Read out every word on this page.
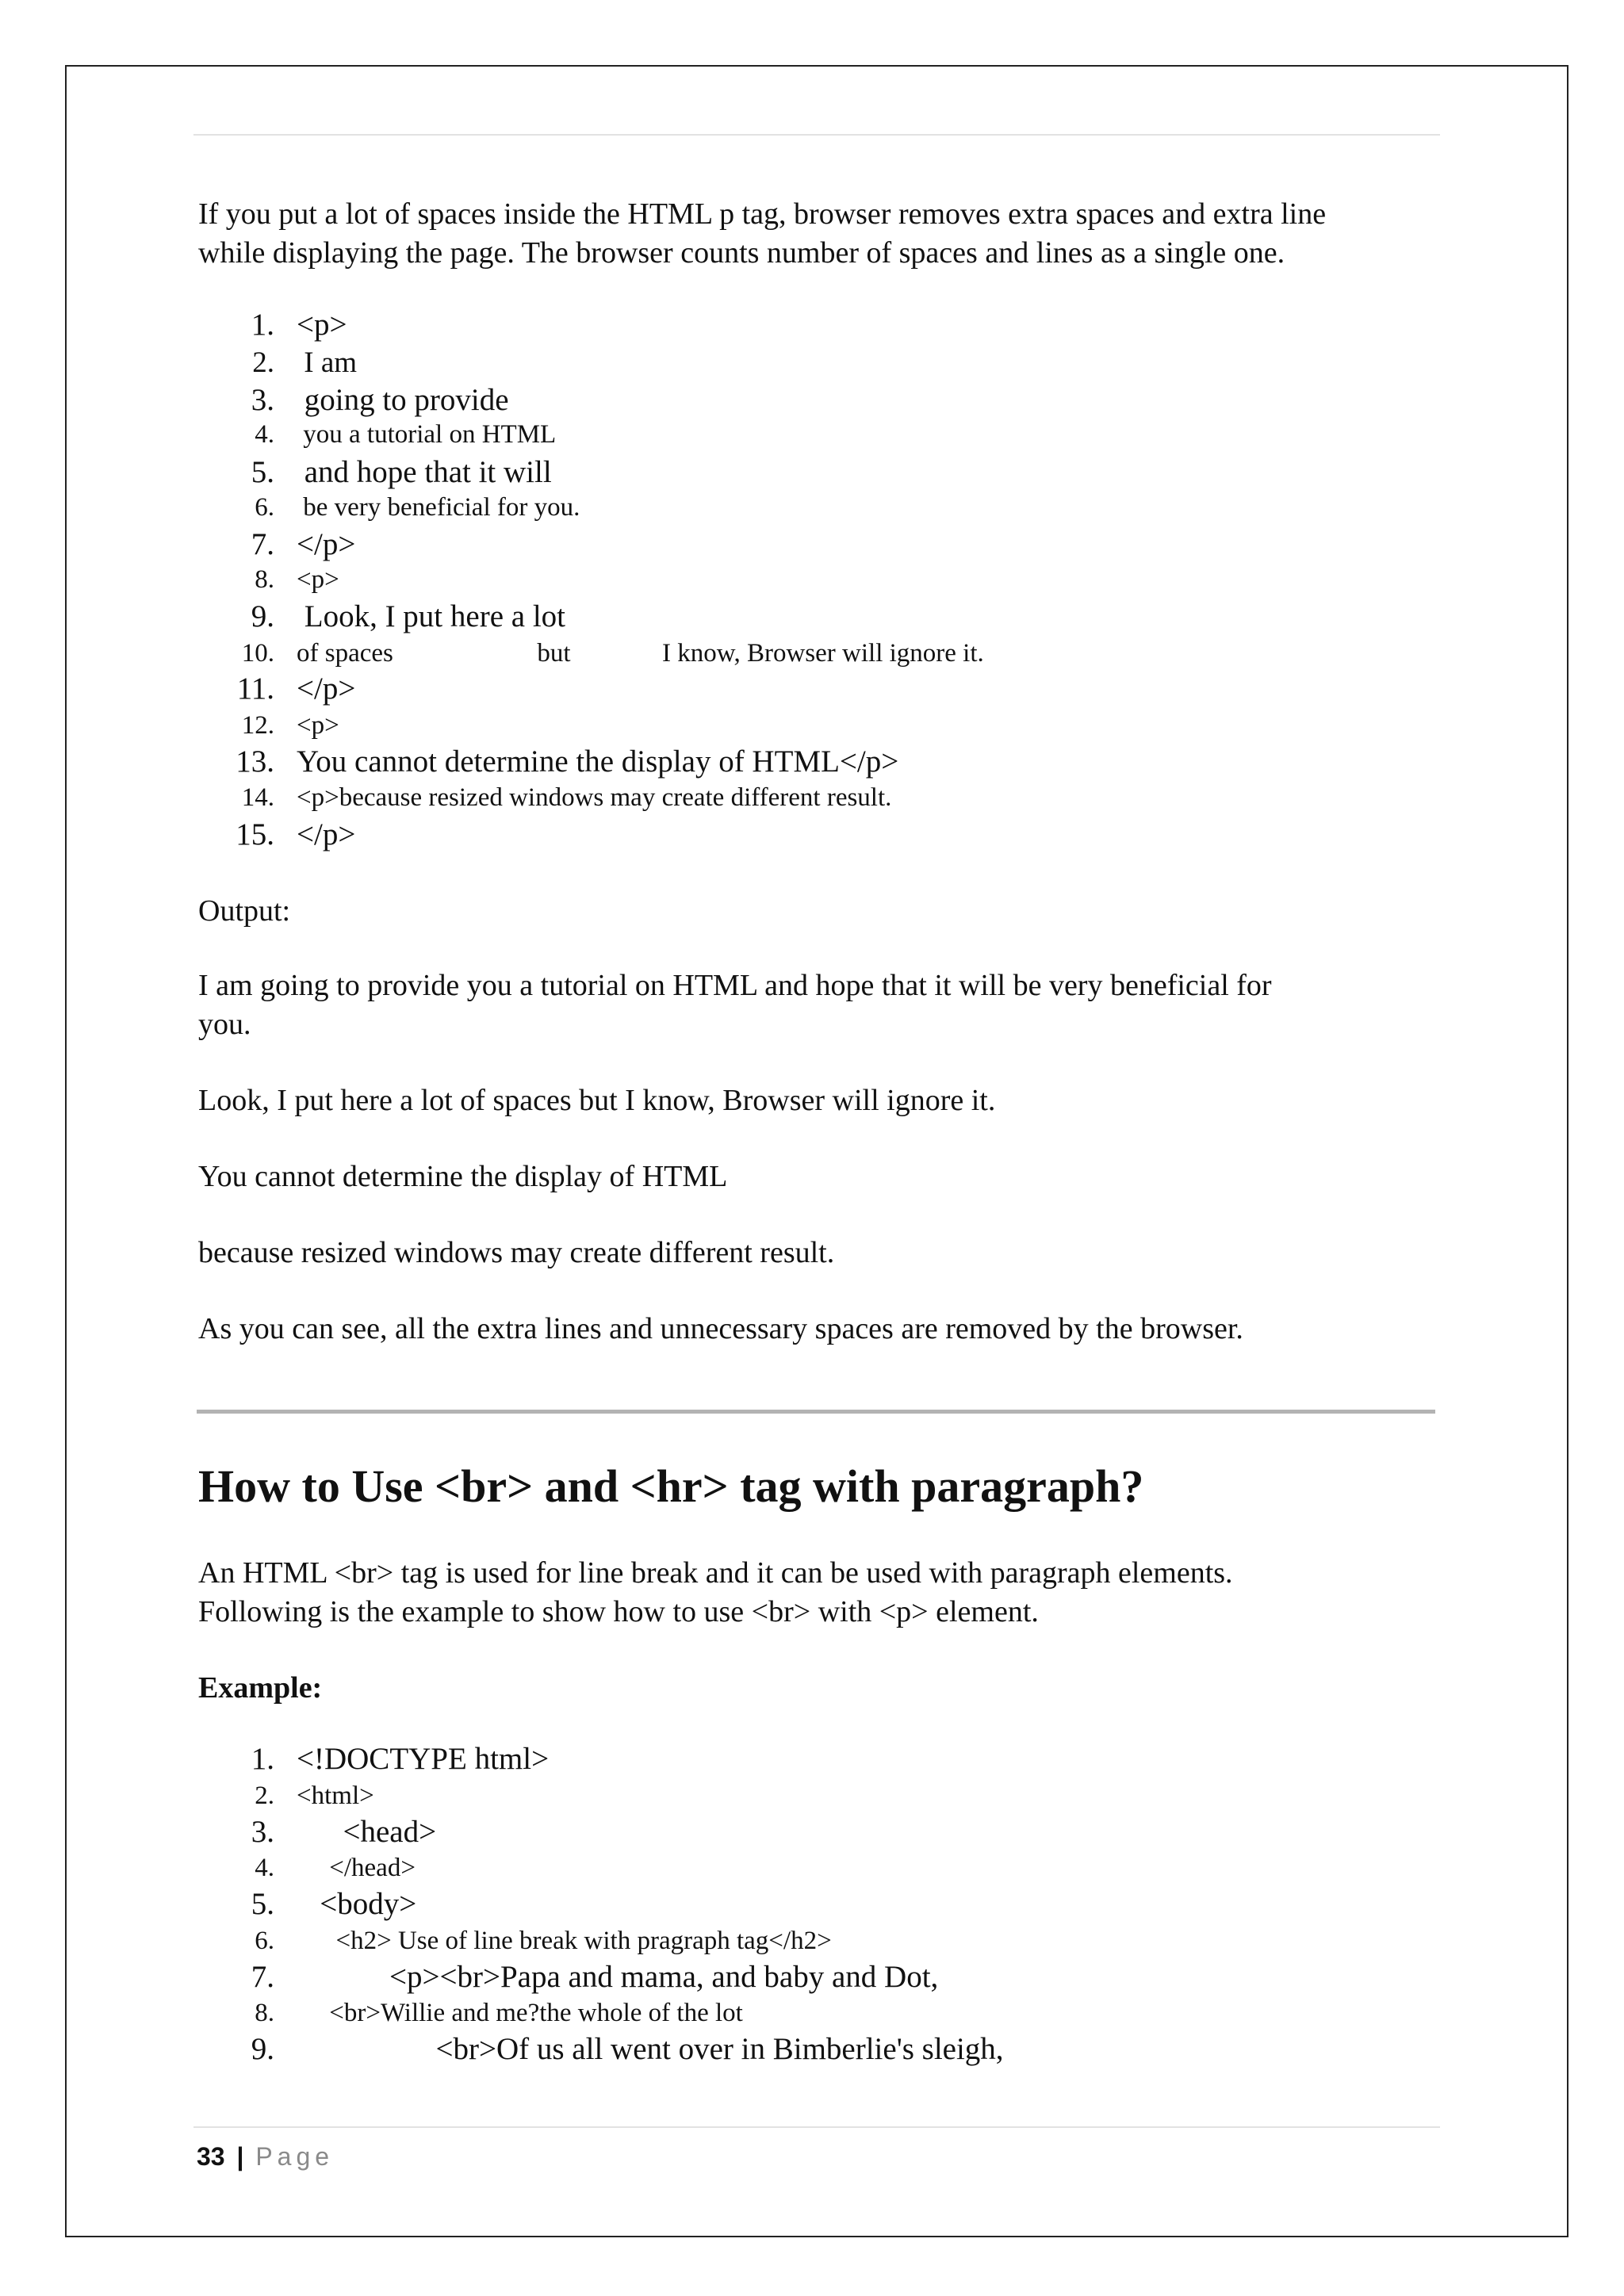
If you put a lot of spaces inside the HTML p tag, browser removes extra spaces and extra line

while displaying the page. The browser counts number of spaces and lines as a single one.

1. <p>
2. I am
3. going to provide
4. you a tutorial on HTML
5. and hope that it will
6. be very beneficial for you.
7. </p>
8. <p>
9. Look, I put here a lot
10. of spaces                      but              I know, Browser will ignore it.
11. </p>
12. <p>
13. You cannot determine the display of HTML</p>
14. <p>because resized windows may create different result.
15. </p>

Output:

I am going to provide you a tutorial on HTML and hope that it will be very beneficial for

you.

Look, I put here a lot of spaces but I know, Browser will ignore it.

You cannot determine the display of HTML

because resized windows may create different result.

As you can see, all the extra lines and unnecessary spaces are removed by the browser.

How to Use <br> and <hr> tag with paragraph?

An HTML <br> tag is used for line break and it can be used with paragraph elements.

Following is the example to show how to use <br> with <p> element.

Example:

1. <!DOCTYPE html>
2. <html>
3. <head>
4. </head>
5. <body>
6. <h2> Use of line break with pragraph tag</h2>
7. <p><br>Papa and mama, and baby and Dot,
8. <br>Willie and me?the whole of the lot
9. <br>Of us all went over in Bimberlie's sleigh,
33 | Page
